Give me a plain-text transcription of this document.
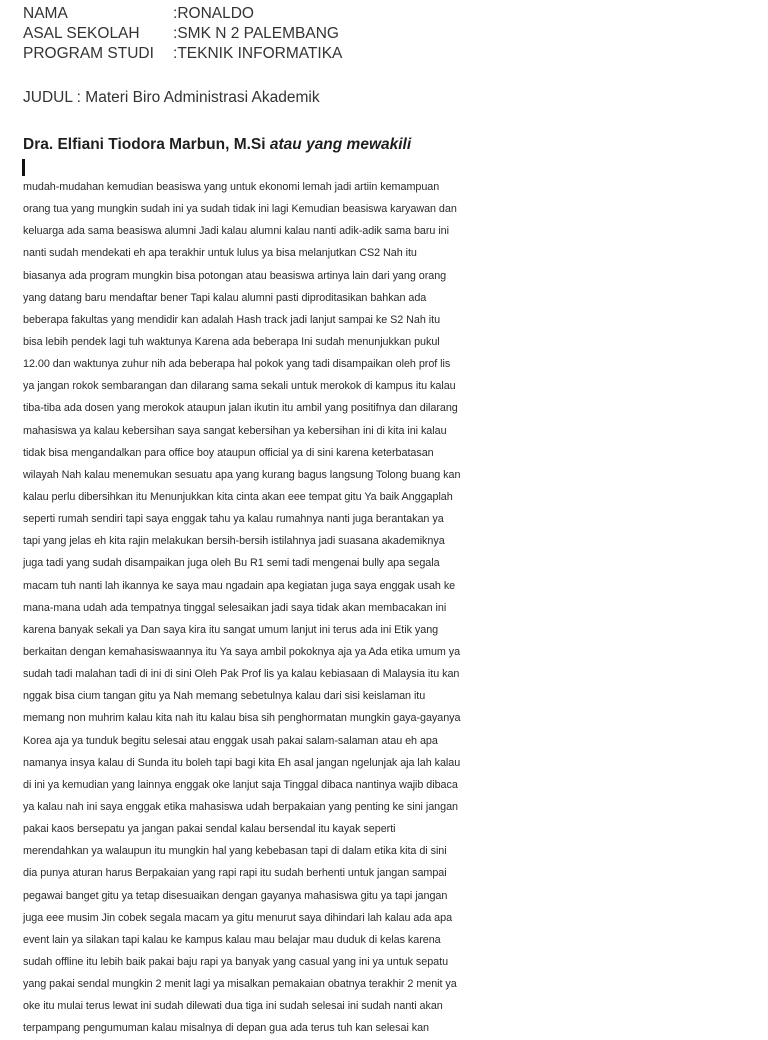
NAMA	: RONALDO
ASAL SEKOLAH	: SMK N 2 PALEMBANG
PROGRAM STUDI	: TEKNIK INFORMATIKA
JUDUL : Materi Biro Administrasi Akademik
Dra. Elfiani Tiodora Marbun, M.Si atau yang mewakili
mudah-mudahan kemudian beasiswa yang untuk ekonomi lemah jadi artiin kemampuan
orang tua yang mungkin sudah ini ya sudah tidak ini lagi Kemudian beasiswa karyawan dan
keluarga ada sama beasiswa alumni Jadi kalau alumni kalau nanti adik-adik sama baru ini
nanti sudah mendekati eh apa terakhir untuk lulus ya bisa melanjutkan CS2 Nah itu
biasanya ada program mungkin bisa potongan atau beasiswa artinya lain dari yang orang
yang datang baru mendaftar bener Tapi kalau alumni pasti diproditasikan bahkan ada
beberapa fakultas yang mendidir kan adalah Hash track jadi lanjut sampai ke S2 Nah itu
bisa lebih pendek lagi tuh waktunya Karena ada beberapa Ini sudah menunjukkan pukul
12.00 dan waktunya zuhur nih ada beberapa hal pokok yang tadi disampaikan oleh prof lis
ya jangan rokok sembarangan dan dilarang sama sekali untuk merokok di kampus itu kalau
tiba-tiba ada dosen yang merokok ataupun jalan ikutin itu ambil yang positifnya dan dilarang
mahasiswa ya kalau kebersihan saya sangat kebersihan ya kebersihan ini di kita ini kalau
tidak bisa mengandalkan para office boy ataupun official ya di sini karena keterbatasan
wilayah Nah kalau menemukan sesuatu apa yang kurang bagus langsung Tolong buang kan
kalau perlu dibersihkan itu Menunjukkan kita cinta akan eee tempat gitu Ya baik Anggaplah
seperti rumah sendiri tapi saya enggak tahu ya kalau rumahnya nanti juga berantakan ya
tapi yang jelas eh kita rajin melakukan bersih-bersih istilahnya jadi suasana akademiknya
juga tadi yang sudah disampaikan juga oleh Bu R1 semi tadi mengenai bully apa segala
macam tuh nanti lah ikannya ke saya mau ngadain apa kegiatan juga saya enggak usah ke
mana-mana udah ada tempatnya tinggal selesaikan jadi saya tidak akan membacakan ini
karena banyak sekali ya Dan saya kira itu sangat umum lanjut ini terus ada ini Etik yang
berkaitan dengan kemahasiswaannya itu Ya saya ambil pokoknya aja ya Ada etika umum ya
sudah tadi malahan tadi di ini di sini Oleh Pak Prof lis ya kalau kebiasaan di Malaysia itu kan
nggak bisa cium tangan gitu ya Nah memang sebetulnya kalau dari sisi keislaman itu
memang non muhrim kalau kita nah itu kalau bisa sih penghormatan mungkin gaya-gayanya
Korea aja ya tunduk begitu selesai atau enggak usah pakai salam-salaman atau eh apa
namanya insya kalau di Sunda itu boleh tapi bagi kita Eh asal jangan ngelunjak aja lah kalau
di ini ya kemudian yang lainnya enggak oke lanjut saja Tinggal dibaca nantinya wajib dibaca
ya kalau nah ini saya enggak etika mahasiswa udah berpakaian yang penting ke sini jangan
pakai kaos bersepatu ya jangan pakai sendal kalau bersendal itu kayak seperti
merendahkan ya walaupun itu mungkin hal yang kebebasan tapi di dalam etika kita di sini
dia punya aturan harus Berpakaian yang rapi rapi itu sudah berhenti untuk jangan sampai
pegawai banget gitu ya tetap disesuaikan dengan gayanya mahasiswa gitu ya tapi jangan
juga eee musim Jin cobek segala macam ya gitu menurut saya dihindari lah kalau ada apa
event lain ya silakan tapi kalau ke kampus kalau mau belajar mau duduk di kelas karena
sudah offline itu lebih baik pakai baju rapi ya banyak yang casual yang ini ya untuk sepatu
yang pakai sendal mungkin 2 menit lagi ya misalkan pemakaian obatnya terakhir 2 menit ya
oke itu mulai terus lewat ini sudah dilewati dua tiga ini sudah selesai ini sudah nanti akan
terpampang pengumuman kalau misalnya di depan gua ada terus tuh kan selesai kan
